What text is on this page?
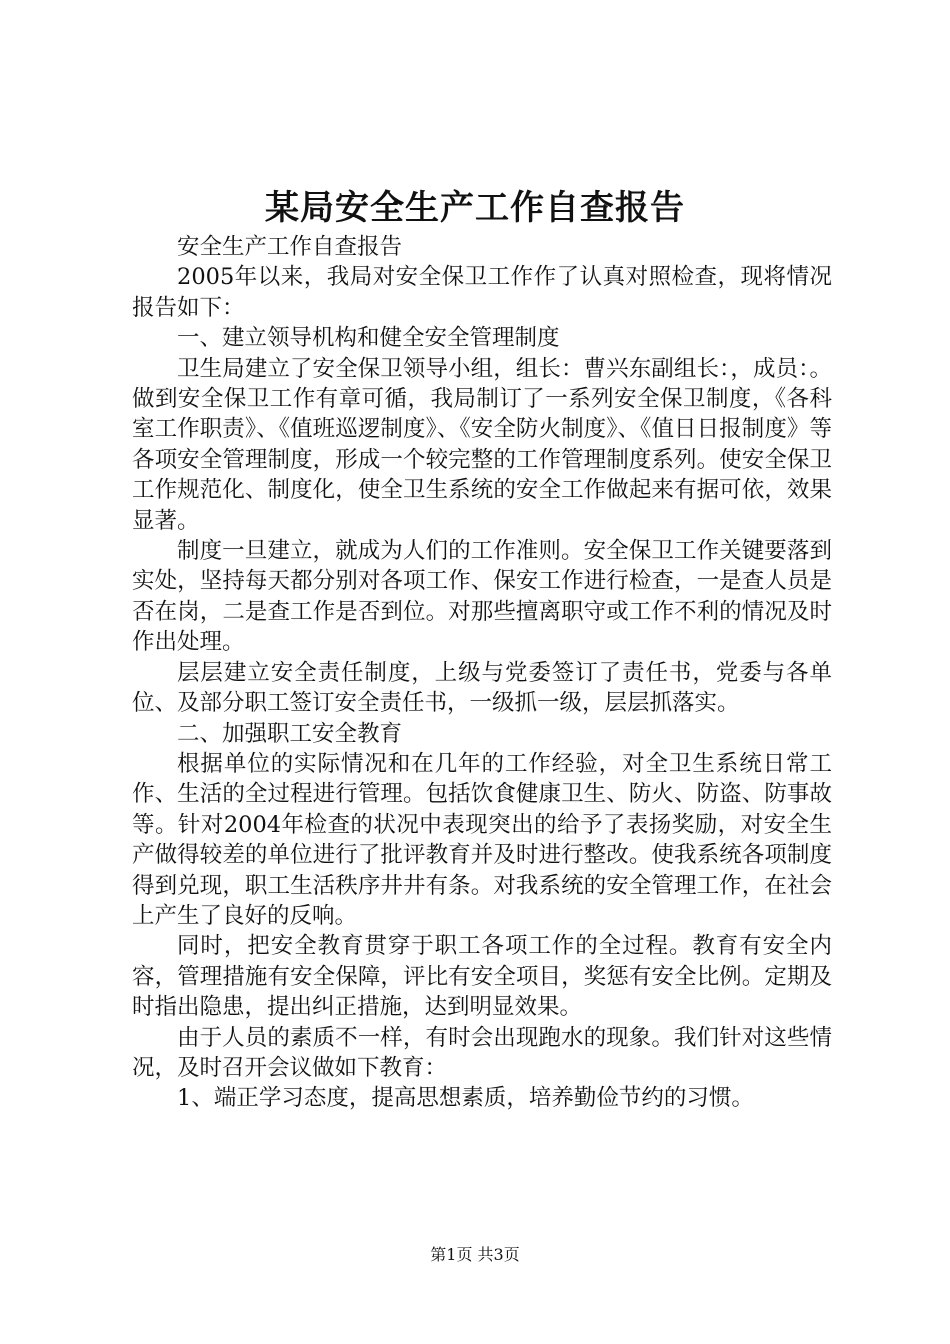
某局安全生产工作自查报告

安全生产工作自查报告

2005年以来，我局对安全保卫工作作了认真对照检查，现将情况报告如下：

一、建立领导机构和健全安全管理制度

卫生局建立了安全保卫领导小组，组长：曹兴东副组长：，成员：。做到安全保卫工作有章可循，我局制订了一系列安全保卫制度，《各科室工作职责》、《值班巡逻制度》、《安全防火制度》、《值日日报制度》等各项安全管理制度，形成一个较完整的工作管理制度系列。使安全保卫工作规范化、制度化，使全卫生系统的安全工作做起来有据可依，效果显著。

制度一旦建立，就成为人们的工作准则。安全保卫工作关键要落到实处，坚持每天都分别对各项工作、保安工作进行检查，一是查人员是否在岗，二是查工作是否到位。对那些擅离职守或工作不利的情况及时作出处理。

层层建立安全责任制度，上级与党委签订了责任书，党委与各单位、及部分职工签订安全责任书，一级抓一级，层层抓落实。

二、加强职工安全教育

根据单位的实际情况和在几年的工作经验，对全卫生系统日常工作、生活的全过程进行管理。包括饮食健康卫生、防火、防盗、防事故等。针对2004年检查的状况中表现突出的给予了表扬奖励，对安全生产做得较差的单位进行了批评教育并及时进行整改。使我系统各项制度得到兑现，职工生活秩序井井有条。对我系统的安全管理工作，在社会上产生了良好的反响。

同时，把安全教育贯穿于职工各项工作的全过程。教育有安全内容，管理措施有安全保障，评比有安全项目，奖惩有安全比例。定期及时指出隐患，提出纠正措施，达到明显效果。

由于人员的素质不一样，有时会出现跑水的现象。我们针对这些情况，及时召开会议做如下教育：

1、端正学习态度，提高思想素质，培养勤俭节约的习惯。

第1页 共3页
